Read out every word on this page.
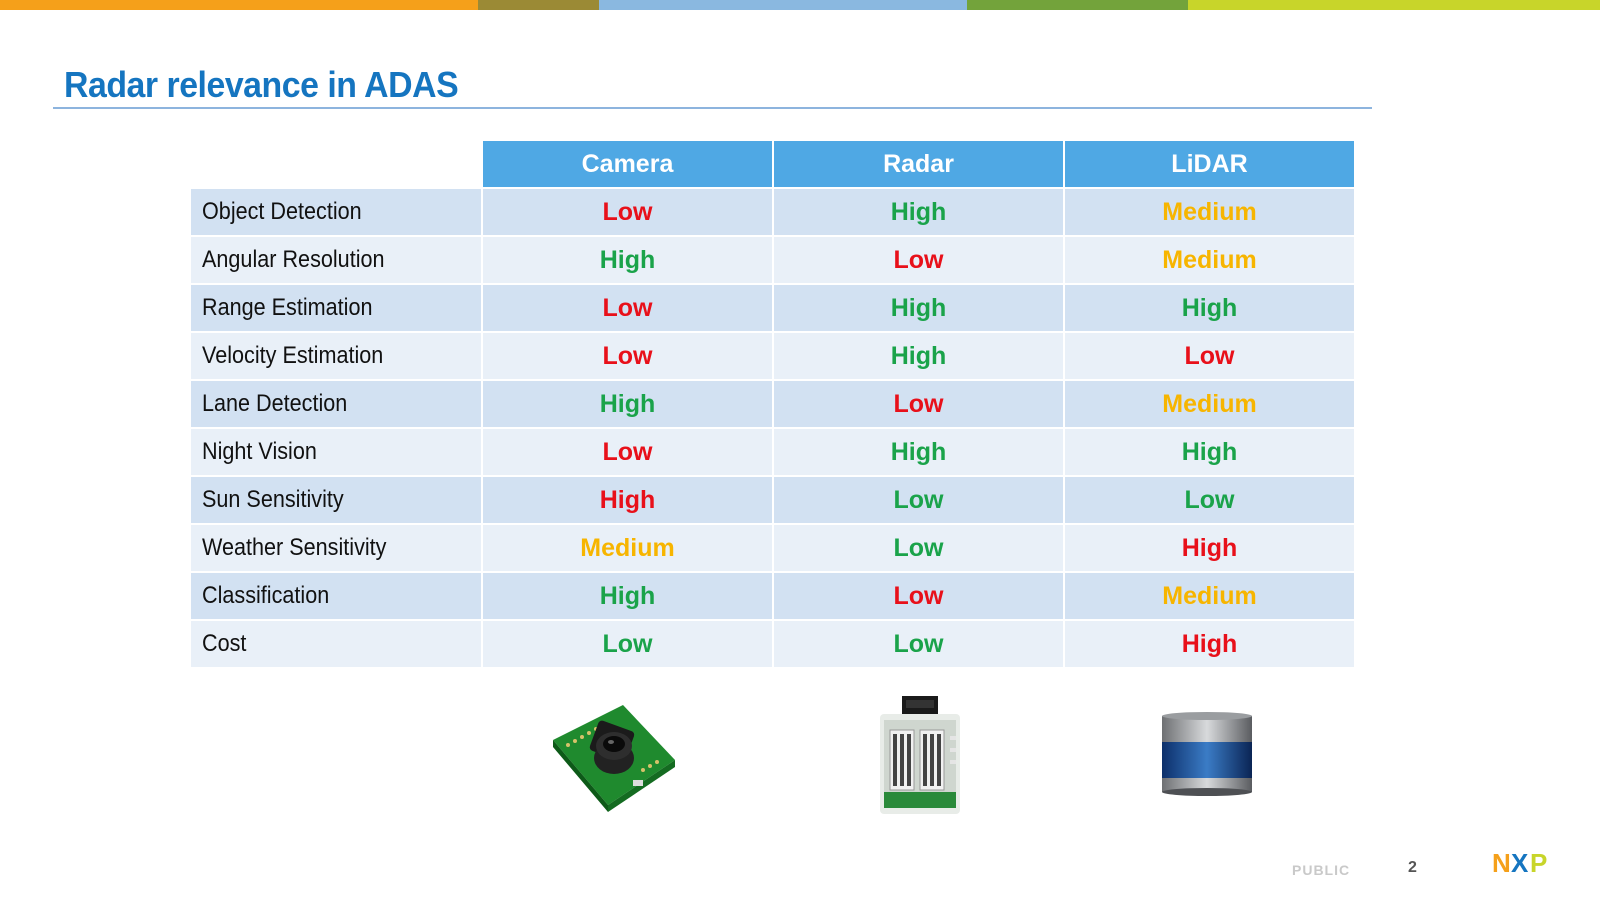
Radar relevance in ADAS
	Camera	Radar	LiDAR
Object Detection	Low	High	Medium
Angular Resolution	High	Low	Medium
Range Estimation	Low	High	High
Velocity Estimation	Low	High	Low
Lane Detection	High	Low	Medium
Night Vision	Low	High	High
Sun Sensitivity	High	Low	Low
Weather Sensitivity	Medium	Low	High
Classification	High	Low	Medium
Cost	Low	Low	High
PUBLIC	2	N X P
